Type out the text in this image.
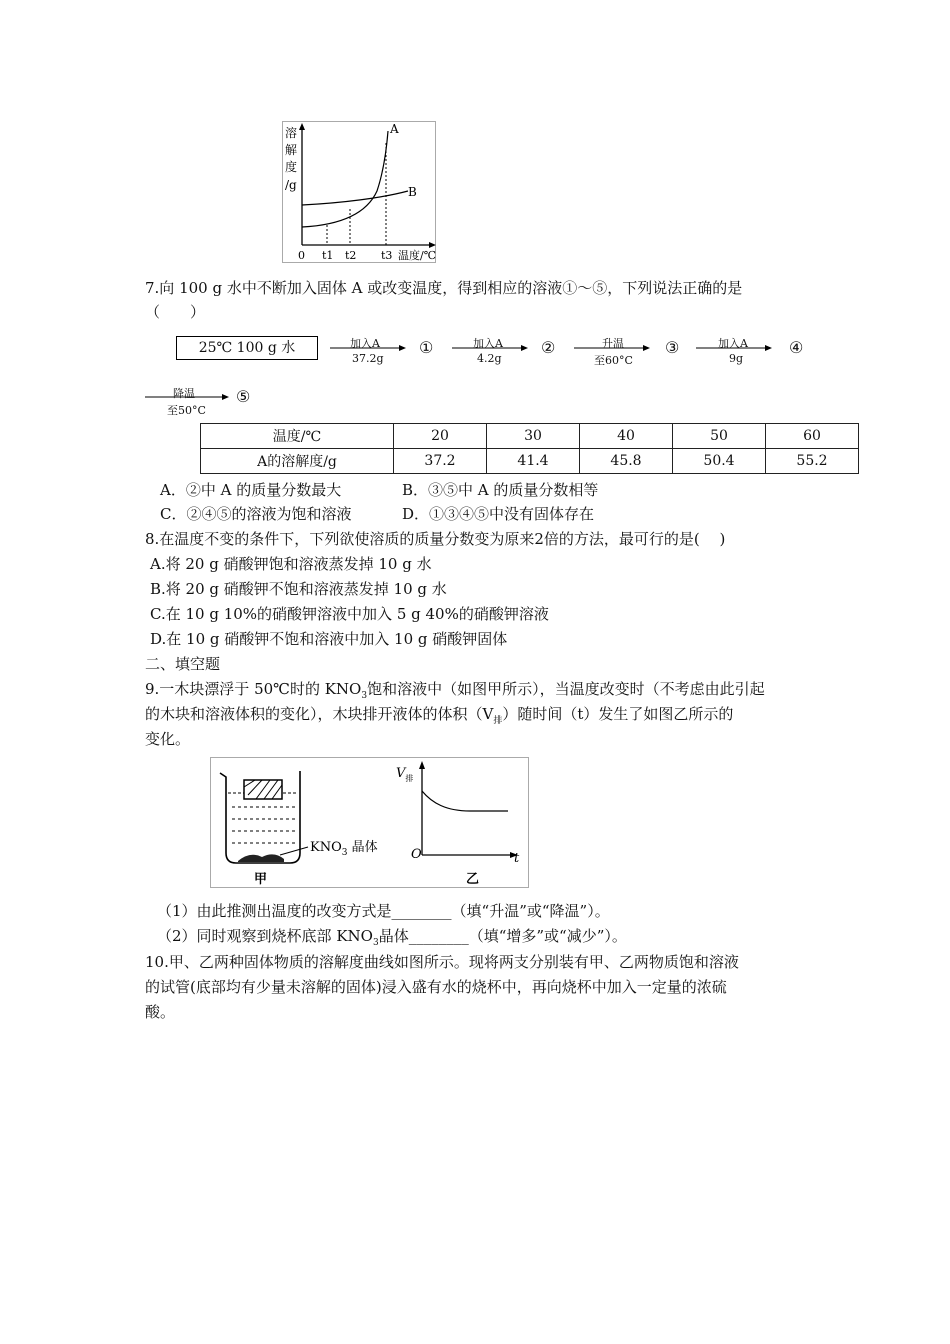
溶
解
度
/g
A
B
0 t1 t2 t3 温度/℃
7.向 100 g 水中不断加入固体 A 或改变温度，得到相应的溶液①～⑤，下列说法正确的是
（　　）
25℃ 100 g 水	加入A
37.2g
①	加入A
4.2g
②	升温
至60°C
③	加入A
9g
④
降温
至50°C
⑤
温度/℃	20	30	40	50	60
A的溶解度/g	37.2	41.4	45.8	50.4	55.2
A．②中 A 的质量分数最大	B．③⑤中 A 的质量分数相等
C．②④⑤的溶液为饱和溶液	D．①③④⑤中没有固体存在
8.在温度不变的条件下，下列欲使溶质的质量分数变为原来2倍的方法，最可行的是(　 )
A.将 20 g 硝酸钾饱和溶液蒸发掉 10 g 水
B.将 20 g 硝酸钾不饱和溶液蒸发掉 10 g 水
C.在 10 g 10%的硝酸钾溶液中加入 5 g 40%的硝酸钾溶液
D.在 10 g 硝酸钾不饱和溶液中加入 10 g 硝酸钾固体
二、填空题
9.一木块漂浮于 50℃时的 $KNO_3$饱和溶液中（如图甲所示），当温度改变时（不考虑由此引起
的木块和溶液体积的变化），木块排开液体的体积$(V_排)$随时间（t）发生了如图乙所示的
变化。
$KNO_3$ 晶体
甲
$V_排$
O	t
乙
（1）由此推测出温度的改变方式是________（填“升温”或“降温”）。
（2）同时观察到烧杯底部 $KNO_3$晶体________（填“增多”或“减少”）。
10.甲、乙两种固体物质的溶解度曲线如图所示。现将两支分别装有甲、乙两物质饱和溶液
的试管(底部均有少量未溶解的固体)浸入盛有水的烧杯中，再向烧杯中加入一定量的浓硫
酸。
